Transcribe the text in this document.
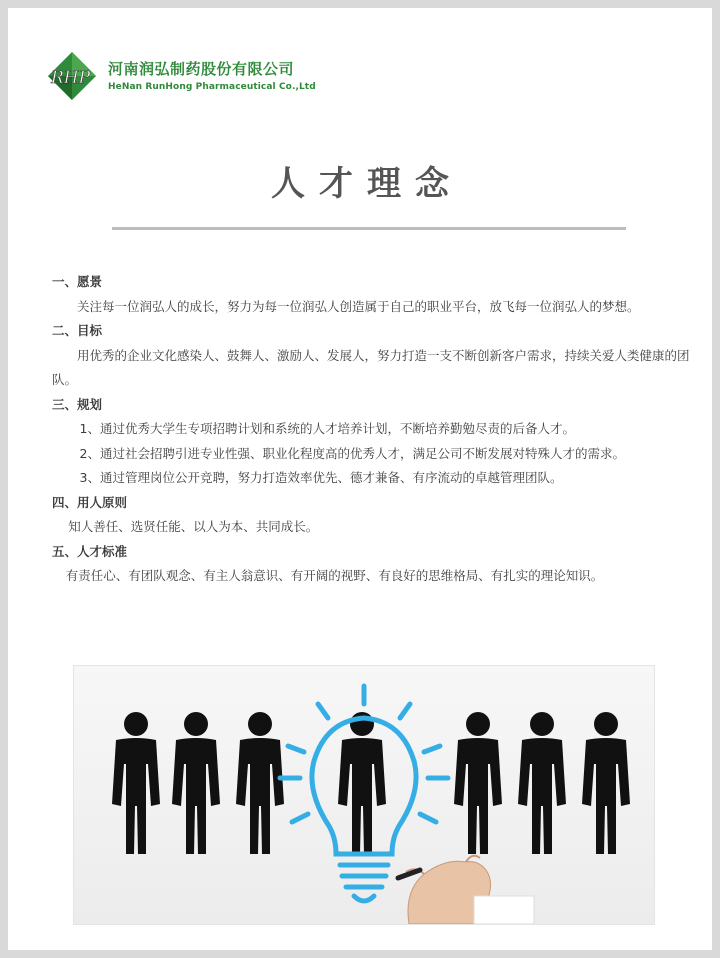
RHP 河南润弘制药股份有限公司
HeNan RunHong Pharmaceutical Co.,Ltd
人才理念

一、愿景

关注每一位润弘人的成长，努力为每一位润弘人创造属于自己的职业平台，放飞每一位润弘人的梦想。

二、目标

用优秀的企业文化感染人、鼓舞人、激励人、发展人，努力打造一支不断创新客户需求，持续关爱人类健康的团队。

三、规划

1、通过优秀大学生专项招聘计划和系统的人才培养计划，不断培养勤勉尽责的后备人才。

2、通过社会招聘引进专业性强、职业化程度高的优秀人才，满足公司不断发展对特殊人才的需求。

3、通过管理岗位公开竞聘，努力打造效率优先、德才兼备、有序流动的卓越管理团队。

四、用人原则

知人善任、选贤任能、以人为本、共同成长。

五、人才标准

有责任心、有团队观念、有主人翁意识、有开阔的视野、有良好的思维格局、有扎实的理论知识。
